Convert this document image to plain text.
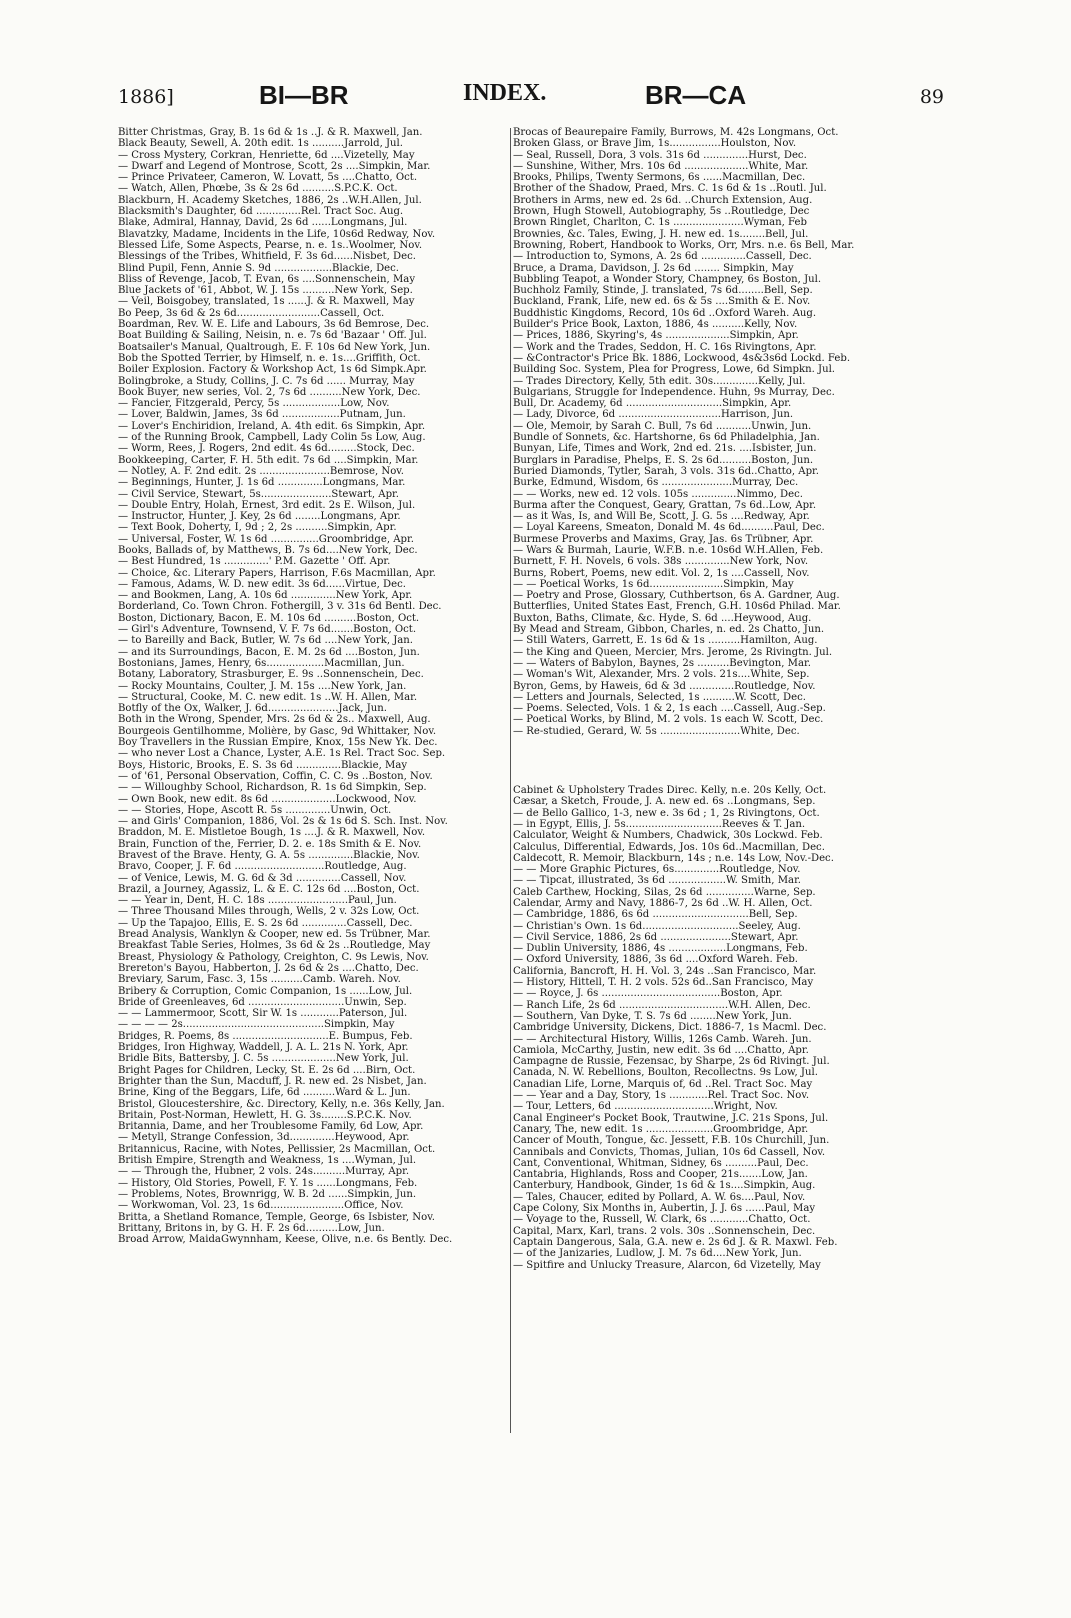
1886]	BI—BR	INDEX.	BR—CA	89
Bitter Christmas, Gray, B. 1s 6d & 1s ..J. & R. Maxwell, Jan.
Black Beauty, Sewell, A. 20th edit. 1s ..........Jarrold, Jul.
— Cross Mystery, Corkran, Henriette, 6d ....Vizetelly, May
— Dwarf and Legend of Montrose, Scott, 2s ....Simpkin, Mar.
— Prince Privateer, Cameron, W. Lovatt, 5s ....Chatto, Oct.
— Watch, Allen, Phœbe, 3s & 2s 6d ..........S.P.C.K. Oct.
Blackburn, H. Academy Sketches, 1886, 2s ..W.H.Allen, Jul.
Blacksmith's Daughter, 6d ..............Rel. Tract Soc. Aug.
Blake, Admiral, Hannay, David, 2s 6d ......Longmans, Jul.
Blavatzky, Madame, Incidents in the Life, 10s6d Redway, Nov.
Blessed Life, Some Aspects, Pearse, n. e. 1s..Woolmer, Nov.
Blessings of the Tribes, Whitfield, F. 3s 6d......Nisbet, Dec.
Blind Pupil, Fenn, Annie S. 9d ..................Blackie, Dec.
Bliss of Revenge, Jacob, T. Evan, 6s ....Sonnenschein, May
Blue Jackets of '61, Abbot, W. J. 15s ..........New York, Sep.
— Veil, Boisgobey, translated, 1s ......J. & R. Maxwell, May
Bo Peep, 3s 6d & 2s 6d..........................Cassell, Oct.
Boardman, Rev. W. E. Life and Labours, 3s 6d Bemrose, Dec.
Boat Building & Sailing, Neisin, n. e. 7s 6d 'Bazaar ' Off. Jul.
Boatsailer's Manual, Qualtrough, E. F. 10s 6d New York, Jun.
Bob the Spotted Terrier, by Himself, n. e. 1s....Griffith, Oct.
Boiler Explosion. Factory & Workshop Act, 1s 6d Simpk.Apr.
Bolingbroke, a Study, Collins, J. C. 7s 6d ...... Murray, May
Book Buyer, new series, Vol. 2, 7s 6d ..........New York, Dec.
— Fancier, Fitzgerald, Percy, 5s ..................Low, Nov.
— Lover, Baldwin, James, 3s 6d ..................Putnam, Jun.
— Lover's Enchiridion, Ireland, A. 4th edit. 6s Simpkin, Apr.
— of the Running Brook, Campbell, Lady Colin 5s Low, Aug.
— Worm, Rees, J. Rogers, 2nd edit. 4s 6d.........Stock, Dec.
Bookkeeping, Carter, F. H. 5th edit. 7s 6d ....Simpkin, Mar.
— Notley, A. F. 2nd edit. 2s ......................Bemrose, Nov.
— Beginnings, Hunter, J. 1s 6d ..............Longmans, Mar.
— Civil Service, Stewart, 5s......................Stewart, Apr.
— Double Entry, Holah, Ernest, 3rd edit. 2s E. Wilson, Jul.
— Instructor, Hunter, J. Key, 2s 6d ........Longmans, Apr.
— Text Book, Doherty, I, 9d ; 2, 2s ..........Simpkin, Apr.
— Universal, Foster, W. 1s 6d ...............Groombridge, Apr.
Books, Ballads of, by Matthews, B. 7s 6d....New York, Dec.
— Best Hundred, 1s ..............' P.M. Gazette ' Off. Apr.
— Choice, &c. Literary Papers, Harrison, F.6s Macmillan, Apr.
— Famous, Adams, W. D. new edit. 3s 6d......Virtue, Dec.
— and Bookmen, Lang, A. 10s 6d ..............New York, Apr.
Borderland, Co. Town Chron. Fothergill, 3 v. 31s 6d Bentl. Dec.
Boston, Dictionary, Bacon, E. M. 10s 6d ..........Boston, Oct.
— Girl's Adventure, Townsend, V. F. 7s 6d.......Boston, Oct.
— to Bareilly and Back, Butler, W. 7s 6d ....New York, Jan.
— and its Surroundings, Bacon, E. M. 2s 6d ....Boston, Jun.
Bostonians, James, Henry, 6s..................Macmillan, Jun.
Botany, Laboratory, Strasburger, E. 9s ..Sonnenschein, Dec.
— Rocky Mountains, Coulter, J. M. 15s ....New York, Jan.
— Structural, Cooke, M. C. new edit. 1s ..W. H. Allen, Mar.
Botfly of the Ox, Walker, J. 6d......................Jack, Jun.
Both in the Wrong, Spender, Mrs. 2s 6d & 2s.. Maxwell, Aug.
Bourgeois Gentilhomme, Molière, by Gasc, 9d Whittaker, Nov.
Boy Travellers in the Russian Empire, Knox, 15s New Yk. Dec.
— who never Lost a Chance, Lyster, A.E. 1s Rel. Tract Soc. Sep.
Boys, Historic, Brooks, E. S. 3s 6d ..............Blackie, May
— of '61, Personal Observation, Coffin, C. C. 9s ..Boston, Nov.
— — Willoughby School, Richardson, R. 1s 6d Simpkin, Sep.
— Own Book, new edit. 8s 6d ....................Lockwood, Nov.
— — Stories, Hope, Ascott R. 5s ..............Unwin, Oct.
— and Girls' Companion, 1886, Vol. 2s & 1s 6d S. Sch. Inst. Nov.
Braddon, M. E. Mistletoe Bough, 1s ....J. & R. Maxwell, Nov.
Brain, Function of the, Ferrier, D. 2. e. 18s Smith & E. Nov.
Bravest of the Brave. Henty, G. A. 5s ..............Blackie, Nov.
Bravo, Cooper, J. F. 6d ............................Routledge, Aug.
— of Venice, Lewis, M. G. 6d & 3d ..............Cassell, Nov.
Brazil, a Journey, Agassiz, L. & E. C. 12s 6d ....Boston, Oct.
— — Year in, Dent, H. C. 18s .........................Paul, Jun.
— Three Thousand Miles through, Wells, 2 v. 32s Low, Oct.
— Up the Tapajoo, Ellis, E. S. 2s 6d ..............Cassell, Dec.
Bread Analysis, Wanklyn & Cooper, new ed. 5s Trübner, Mar.
Breakfast Table Series, Holmes, 3s 6d & 2s ..Routledge, May
Breast, Physiology & Pathology, Creighton, C. 9s Lewis, Nov.
Brereton's Bayou, Habberton, J. 2s 6d & 2s ....Chatto, Dec.
Breviary, Sarum, Fasc. 3, 15s ..........Camb. Wareh. Nov.
Bribery & Corruption, Comic Companion, 1s ......Low, Jul.
Bride of Greenleaves, 6d ..............................Unwin, Sep.
— — Lammermoor, Scott, Sir W. 1s ............Paterson, Jul.
— — — — 2s............................................Simpkin, May
Bridges, R. Poems, 8s ..............................E. Bumpus, Feb.
Bridges, Iron Highway, Waddell, J. A. L. 21s N. York, Apr.
Bridle Bits, Battersby, J. C. 5s ....................New York, Jul.
Bright Pages for Children, Lecky, St. E. 2s 6d ....Birn, Oct.
Brighter than the Sun, Macduff, J. R. new ed. 2s Nisbet, Jan.
Brine, King of the Beggars, Life, 6d ..........Ward & L. Jun.
Bristol, Gloucestershire, &c. Directory, Kelly, n.e. 36s Kelly, Jan.
Britain, Post-Norman, Hewlett, H. G. 3s........S.P.C.K. Nov.
Britannia, Dame, and her Troublesome Family, 6d Low, Apr.
— Metyll, Strange Confession, 3d..............Heywood, Apr.
Britannicus, Racine, with Notes, Pellissier, 2s Macmillan, Oct.
British Empire, Strength and Weakness, 1s ....Wyman, Jul.
— — Through the, Hubner, 2 vols. 24s..........Murray, Apr.
— History, Old Stories, Powell, F. Y. 1s ......Longmans, Feb.
— Problems, Notes, Brownrigg, W. B. 2d ......Simpkin, Jun.
— Workwoman, Vol. 23, 1s 6d.......................Office, Nov.
Britta, a Shetland Romance, Temple, George, 6s Isbister, Nov.
Brittany, Britons in, by G. H. F. 2s 6d..........Low, Jun.
Broad Arrow, MaidaGwynnham, Keese, Olive, n.e. 6s Bently. Dec.
Brocas of Beaurepaire Family, Burrows, M. 42s Longmans, Oct.
Broken Glass, or Brave Jim, 1s................Houlston, Nov.
— Seal, Russell, Dora, 3 vols. 31s 6d ..............Hurst, Dec.
— Sunshine, Wither, Mrs. 10s 6d ....................White, Mar.
Brooks, Philips, Twenty Sermons, 6s ......Macmillan, Dec.
Brother of the Shadow, Praed, Mrs. C. 1s 6d & 1s ..Routl. Jul.
Brothers in Arms, new ed. 2s 6d. ..Church Extension, Aug.
Brown, Hugh Stowell, Autobiography, 5s ..Routledge, Dec
Brown Ringlet, Charlton, C. 1s ......................Wyman, Feb
Brownies, &c. Tales, Ewing, J. H. new ed. 1s........Bell, Jul.
Browning, Robert, Handbook to Works, Orr, Mrs. n.e. 6s Bell, Mar.
— Introduction to, Symons, A. 2s 6d ..............Cassell, Dec.
Bruce, a Drama, Davidson, J. 2s 6d ........ Simpkin, May
Bubbling Teapot, a Wonder Story, Champney, 6s Boston, Jul.
Buchholz Family, Stinde, J. translated, 7s 6d........Bell, Sep.
Buckland, Frank, Life, new ed. 6s & 5s ....Smith & E. Nov.
Buddhistic Kingdoms, Record, 10s 6d ..Oxford Wareh. Aug.
Builder's Price Book, Laxton, 1886, 4s ..........Kelly, Nov.
— Prices, 1886, Skyring's, 4s ....................Simpkin, Apr.
— Work and the Trades, Seddon, H. C. 16s Rivingtons, Apr.
— &Contractor's Price Bk. 1886, Lockwood, 4s&3s6d Lockd. Feb.
Building Soc. System, Plea for Progress, Lowe, 6d Simpkn. Jul.
— Trades Directory, Kelly, 5th edit. 30s..............Kelly, Jul.
Bulgarians, Struggle for Independence. Huhn, 9s Murray, Dec.
Bull, Dr. Academy, 6d ..............................Simpkin, Apr.
— Lady, Divorce, 6d ................................Harrison, Jun.
— Ole, Memoir, by Sarah C. Bull, 7s 6d ...........Unwin, Jun.
Bundle of Sonnets, &c. Hartshorne, 6s 6d Philadelphia, Jan.
Bunyan, Life, Times and Work, 2nd ed. 21s. ....Isbister, Jun.
Burglars in Paradise, Phelps, E. S. 2s 6d..........Boston, Jun.
Buried Diamonds, Tytler, Sarah, 3 vols. 31s 6d..Chatto, Apr.
Burke, Edmund, Wisdom, 6s ......................Murray, Dec.
— — Works, new ed. 12 vols. 105s ..............Nimmo, Dec.
Burma after the Conquest, Geary, Grattan, 7s 6d..Low, Apr.
— as it Was, Is, and Will Be, Scott, J. G. 5s ....Redway, Apr.
— Loyal Kareens, Smeaton, Donald M. 4s 6d..........Paul, Dec.
Burmese Proverbs and Maxims, Gray, Jas. 6s Trübner, Apr.
— Wars & Burmah, Laurie, W.F.B. n.e. 10s6d W.H.Allen, Feb.
Burnett, F. H. Novels, 6 vols. 38s ..............New York, Nov.
Burns, Robert, Poems, new edit. Vol. 2, 1s ....Cassell, Nov.
— — Poetical Works, 1s 6d.......................Simpkin, May
— Poetry and Prose, Glossary, Cuthbertson, 6s A. Gardner, Aug.
Butterflies, United States East, French, G.H. 10s6d Philad. Mar.
Buxton, Baths, Climate, &c. Hyde, S. 6d ....Heywood, Aug.
By Mead and Stream, Gibbon, Charles, n. ed. 2s Chatto, Jun.
— Still Waters, Garrett, E. 1s 6d & 1s ..........Hamilton, Aug.
— the King and Queen, Mercier, Mrs. Jerome, 2s Rivingtn. Jul.
— — Waters of Babylon, Baynes, 2s ..........Bevington, Mar.
— Woman's Wit, Alexander, Mrs. 2 vols. 21s....White, Sep.
Byron, Gems, by Haweis, 6d & 3d ..............Routledge, Nov.
— Letters and Journals, Selected, 1s ..........W. Scott, Dec.
— Poems. Selected, Vols. 1 & 2, 1s each ....Cassell, Aug.-Sep.
— Poetical Works, by Blind, M. 2 vols. 1s each W. Scott, Dec.
— Re-studied, Gerard, W. 5s .........................White, Dec.
Cabinet & Upholstery Trades Direc. Kelly, n.e. 20s Kelly, Oct.
Cæsar, a Sketch, Froude, J. A. new ed. 6s ..Longmans, Sep.
— de Bello Gallico, 1-3, new e. 3s 6d ; 1, 2s Rivingtons, Oct.
— in Egypt, Ellis, J. 5s..............................Reeves & T. Jan.
Calculator, Weight & Numbers, Chadwick, 30s Lockwd. Feb.
Calculus, Differential, Edwards, Jos. 10s 6d..Macmillan, Dec.
Caldecott, R. Memoir, Blackburn, 14s ; n.e. 14s Low, Nov.-Dec.
— — More Graphic Pictures, 6s..............Routledge, Nov.
— — Tipcat, illustrated, 3s 6d ..................W. Smith, Mar.
Caleb Carthew, Hocking, Silas, 2s 6d ...............Warne, Sep.
Calendar, Army and Navy, 1886-7, 2s 6d ..W. H. Allen, Oct.
— Cambridge, 1886, 6s 6d ..............................Bell, Sep.
— Christian's Own. 1s 6d..............................Seeley, Aug.
— Civil Service, 1886, 2s 6d ......................Stewart, Apr.
— Dublin University, 1886, 4s ..................Longmans, Feb.
— Oxford University, 1886, 3s 6d ....Oxford Wareh. Feb.
California, Bancroft, H. H. Vol. 3, 24s ..San Francisco, Mar.
— History, Hittell, T. H. 2 vols. 52s 6d..San Francisco, May
— — Royce, J. 6s .....................................Boston, Apr.
— Ranch Life, 2s 6d ..................................W.H. Allen, Dec.
— Southern, Van Dyke, T. S. 7s 6d ........New York, Jun.
Cambridge University, Dickens, Dict. 1886-7, 1s Macml. Dec.
— — Architectural History, Willis, 126s Camb. Wareh. Jun.
Camiola, McCarthy, Justin, new edit. 3s 6d ....Chatto, Apr.
Campagne de Russie, Fezensac, by Sharpe, 2s 6d Rivingt. Jul.
Canada, N. W. Rebellions, Boulton, Recollectns. 9s Low, Jul.
Canadian Life, Lorne, Marquis of, 6d ..Rel. Tract Soc. May
— — Year and a Day, Story, 1s ............Rel. Tract Soc. Nov.
— Tour, Letters, 6d ...............................Wright, Nov.
Canal Engineer's Pocket Book, Trautwine, J.C. 21s Spons, Jul.
Canary, The, new edit. 1s .....................Groombridge, Apr.
Cancer of Mouth, Tongue, &c. Jessett, F.B. 10s Churchill, Jun.
Cannibals and Convicts, Thomas, Julian, 10s 6d Cassell, Nov.
Cant, Conventional, Whitman, Sidney, 6s ..........Paul, Dec.
Cantabria, Highlands, Ross and Cooper, 21s.......Low, Jan.
Canterbury, Handbook, Ginder, 1s 6d & 1s....Simpkin, Aug.
— Tales, Chaucer, edited by Pollard, A. W. 6s....Paul, Nov.
Cape Colony, Six Months in, Aubertin, J. J. 6s ......Paul, May
— Voyage to the, Russell, W. Clark, 6s ............Chatto, Oct.
Capital, Marx, Karl, trans. 2 vols. 30s ..Sonnenschein, Dec.
Captain Dangerous, Sala, G.A. new e. 2s 6d J. & R. Maxwl. Feb.
— of the Janizaries, Ludlow, J. M. 7s 6d....New York, Jun.
— Spitfire and Unlucky Treasure, Alarcon, 6d Vizetelly, May
